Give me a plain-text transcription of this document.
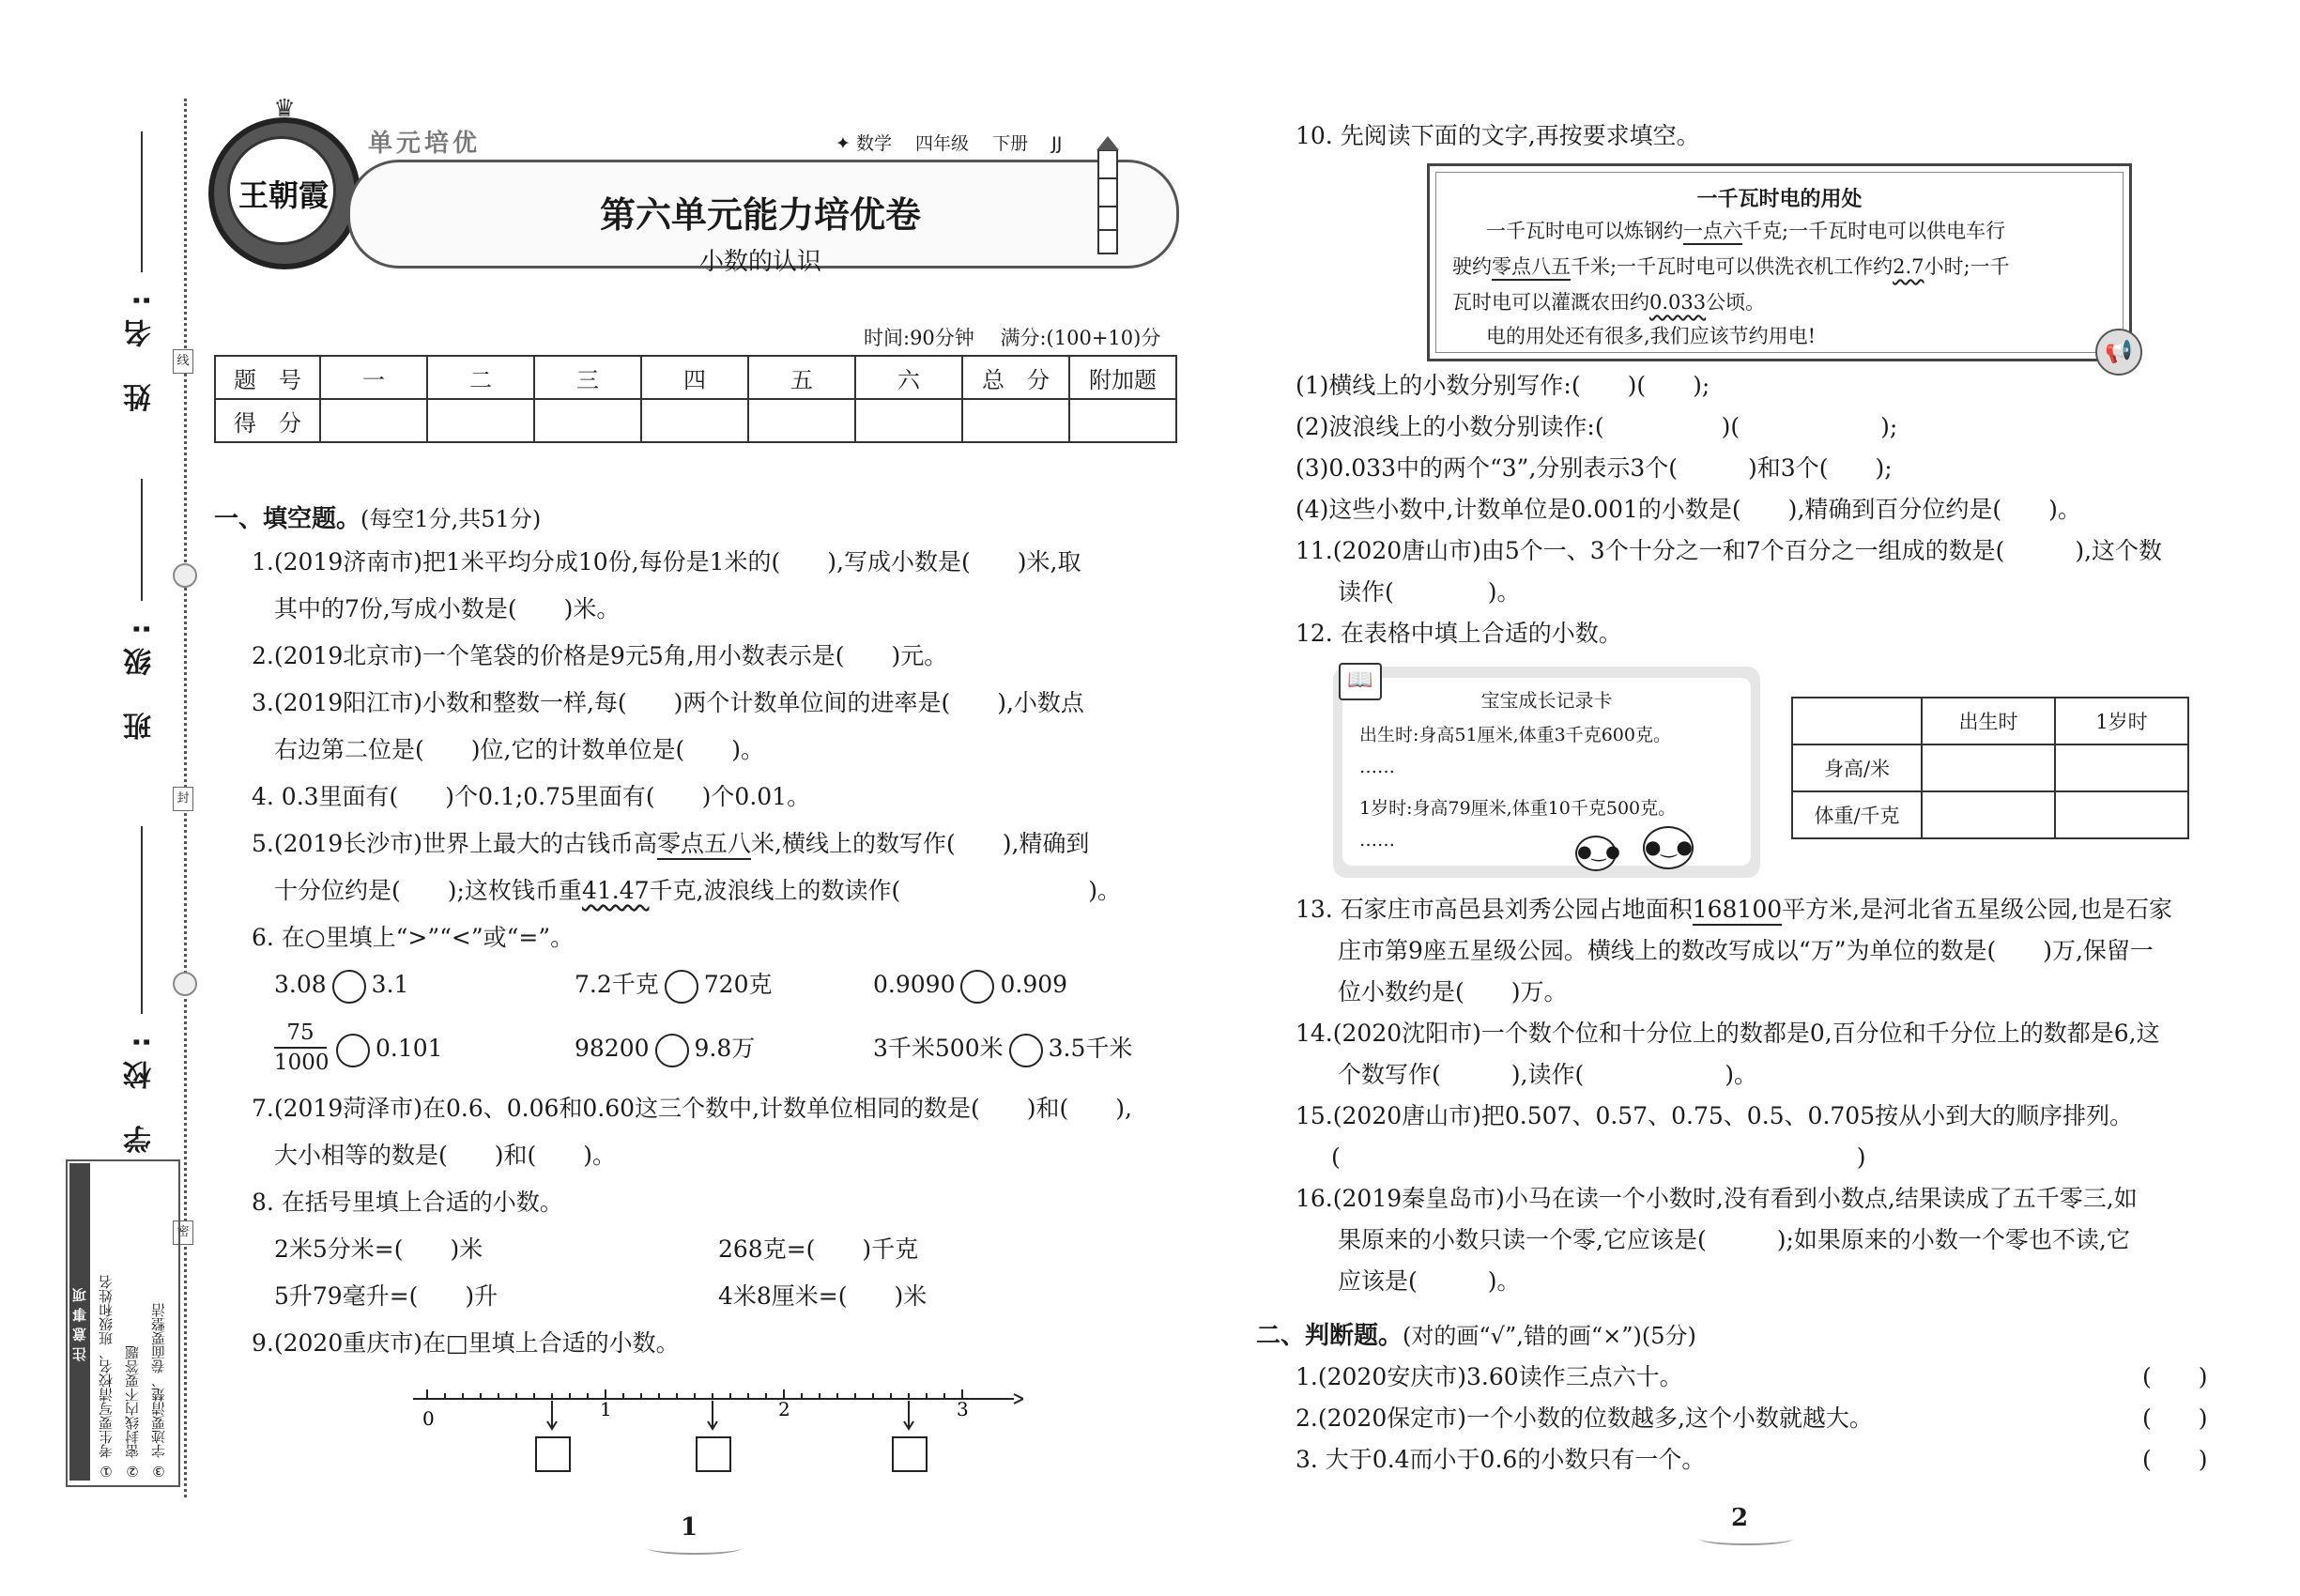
姓 名:
班 级:
学 校:
线
封
密
注意事项 ① 考生要写清校名、班级和姓名 ② 密封线内不要答题 ③ 字迹要清楚、卷面要整洁
王朝霞
♛
单元培优	✦ 数学　 四年级　 下册　 JJ
第六单元能力培优卷
小数的认识
时间:90分钟　 满分:(100+10)分
题　号	一	二	三	四	五	六	总　分	附加题
得　分								
一、填空题。(每空1分,共51分)
1.(2019济南市)把1米平均分成10份,每份是1米的(　　),写成小数是(　　)米,取
其中的7份,写成小数是(　　)米。
2.(2019北京市)一个笔袋的价格是9元5角,用小数表示是(　　)元。
3.(2019阳江市)小数和整数一样,每(　　)两个计数单位间的进率是(　　),小数点
右边第二位是(　　)位,它的计数单位是(　　)。
4. 0.3里面有(　　)个0.1;0.75里面有(　　)个0.01。
5.(2019长沙市)世界上最大的古钱币高零点五八米,横线上的数写作(　　),精确到
十分位约是(　　);这枚钱币重41.47千克,波浪线上的数读作(　　　　　　　　)。
6. 在○里填上“>”“<”或“=”。
3.08 3.1	7.2千克 720克	0.9090 0.909
$\frac{75}{1000}$	0.101	98200 9.8万	3千米500米 3.5千米
7.(2019菏泽市)在0.6、0.06和0.60这三个数中,计数单位相同的数是(　　)和(　　),
大小相等的数是(　　)和(　　)。
8. 在括号里填上合适的小数。
2米5分米=(　　)米	268克=(　　)千克
5升79毫升=(　　)升	4米8厘米=(　　)米
9.(2020重庆市)在□里填上合适的小数。
0	1	2	3
1
10. 先阅读下面的文字,再按要求填空。
一千瓦时电的用处
一千瓦时电可以炼钢约一点六千克;一千瓦时电可以供电车行
驶约零点八五千米;一千瓦时电可以供洗衣机工作约2.7小时;一千
瓦时电可以灌溉农田约0.033公顷。
电的用处还有很多,我们应该节约用电!
📢
(1)横线上的小数分别写作:(　　)(　　);
(2)波浪线上的小数分别读作:(　　　　　)(　　　　　　);
(3)0.033中的两个“3”,分别表示3个(　　　)和3个(　　);
(4)这些小数中,计数单位是0.001的小数是(　　),精确到百分位约是(　　)。
11.(2020唐山市)由5个一、3个十分之一和7个百分之一组成的数是(　　　),这个数
读作(　　　　)。
12. 在表格中填上合适的小数。
📖
宝宝成长记录卡
出生时:身高51厘米,体重3千克600克。
……
1岁时:身高79厘米,体重10千克500克。
……
●‿● ●‿●
	出生时	1岁时
身高/米		
体重/千克		
13. 石家庄市高邑县刘秀公园占地面积168100平方米,是河北省五星级公园,也是石家
庄市第9座五星级公园。横线上的数改写成以“万”为单位的数是(　　)万,保留一
位小数约是(　　)万。
14.(2020沈阳市)一个数个位和十分位上的数都是0,百分位和千分位上的数都是6,这
个数写作(　　　),读作(　　　　　　)。
15.(2020唐山市)把0.507、0.57、0.75、0.5、0.705按从小到大的顺序排列。
(　　　　　　　　　　　　　　　　　　　　　　)
16.(2019秦皇岛市)小马在读一个小数时,没有看到小数点,结果读成了五千零三,如
果原来的小数只读一个零,它应该是(　　　);如果原来的小数一个零也不读,它
应该是(　　　)。
二、判断题。(对的画“√”,错的画“×”)(5分)
1.(2020安庆市)3.60读作三点六十。	(　　)
2.(2020保定市)一个小数的位数越多,这个小数就越大。	(　　)
3. 大于0.4而小于0.6的小数只有一个。	(　　)
2
